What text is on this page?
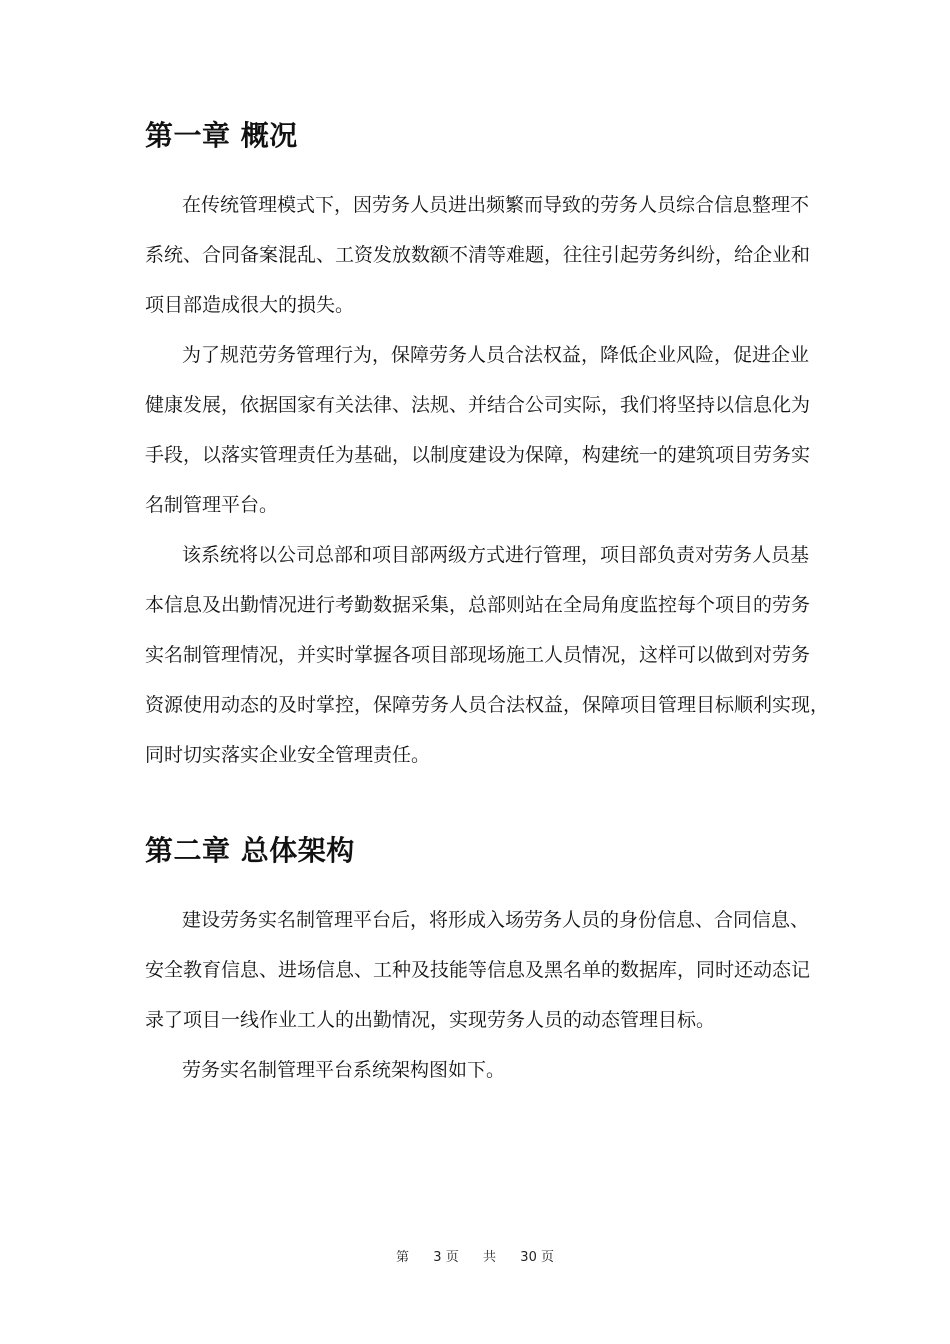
第一章 概况
在传统管理模式下，因劳务人员进出频繁而导致的劳务人员综合信息整理不
系统、合同备案混乱、工资发放数额不清等难题，往往引起劳务纠纷，给企业和
项目部造成很大的损失。
为了规范劳务管理行为，保障劳务人员合法权益，降低企业风险，促进企业
健康发展，依据国家有关法律、法规、并结合公司实际，我们将坚持以信息化为
手段，以落实管理责任为基础，以制度建设为保障，构建统一的建筑项目劳务实
名制管理平台。
该系统将以公司总部和项目部两级方式进行管理，项目部负责对劳务人员基
本信息及出勤情况进行考勤数据采集，总部则站在全局角度监控每个项目的劳务
实名制管理情况，并实时掌握各项目部现场施工人员情况，这样可以做到对劳务
资源使用动态的及时掌控，保障劳务人员合法权益，保障项目管理目标顺利实现，
同时切实落实企业安全管理责任。
第二章 总体架构
建设劳务实名制管理平台后，将形成入场劳务人员的身份信息、合同信息、
安全教育信息、进场信息、工种及技能等信息及黑名单的数据库，同时还动态记
录了项目一线作业工人的出勤情况，实现劳务人员的动态管理目标。
劳务实名制管理平台系统架构图如下。
第 3 页 共 30 页
